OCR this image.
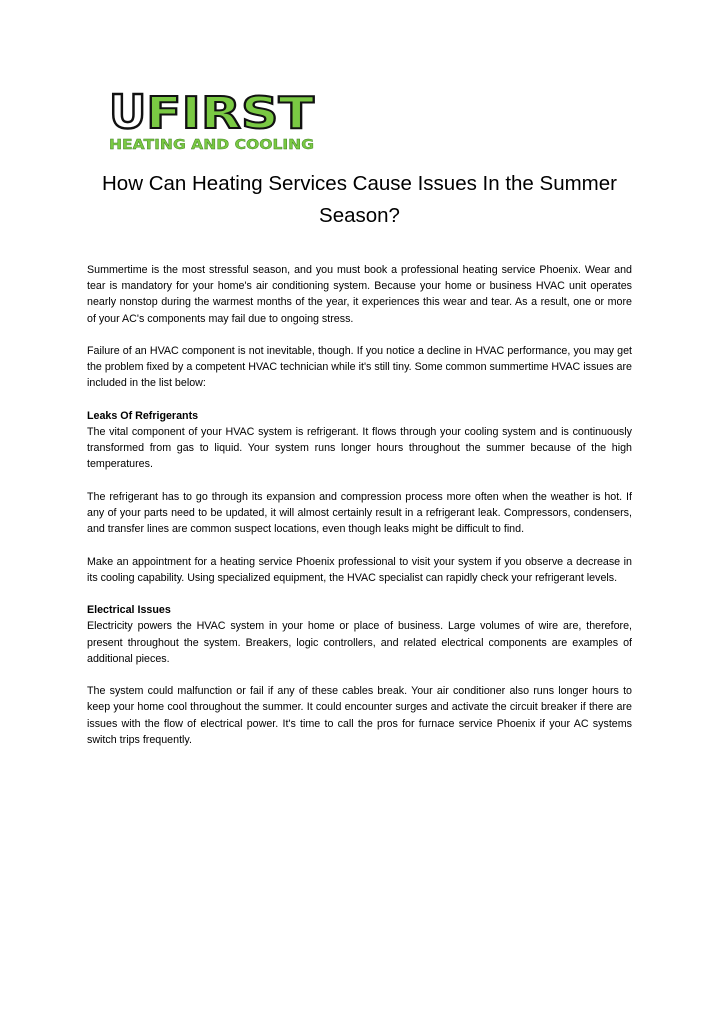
U FIRST
HEATING AND COOLING
How Can Heating Services Cause Issues In the Summer Season?

Summertime is the most stressful season, and you must book a professional heating service Phoenix. Wear and tear is mandatory for your home's air conditioning system. Because your home or business HVAC unit operates nearly nonstop during the warmest months of the year, it experiences this wear and tear. As a result, one or more of your AC's components may fail due to ongoing stress.

Failure of an HVAC component is not inevitable, though. If you notice a decline in HVAC performance, you may get the problem fixed by a competent HVAC technician while it's still tiny. Some common summertime HVAC issues are included in the list below:

Leaks Of Refrigerants

The vital component of your HVAC system is refrigerant. It flows through your cooling system and is continuously transformed from gas to liquid. Your system runs longer hours throughout the summer because of the high temperatures.

The refrigerant has to go through its expansion and compression process more often when the weather is hot. If any of your parts need to be updated, it will almost certainly result in a refrigerant leak. Compressors, condensers, and transfer lines are common suspect locations, even though leaks might be difficult to find.

Make an appointment for a heating service Phoenix professional to visit your system if you observe a decrease in its cooling capability. Using specialized equipment, the HVAC specialist can rapidly check your refrigerant levels.

Electrical Issues

Electricity powers the HVAC system in your home or place of business. Large volumes of wire are, therefore, present throughout the system. Breakers, logic controllers, and related electrical components are examples of additional pieces.

The system could malfunction or fail if any of these cables break. Your air conditioner also runs longer hours to keep your home cool throughout the summer. It could encounter surges and activate the circuit breaker if there are issues with the flow of electrical power. It's time to call the pros for furnace service Phoenix if your AC systems switch trips frequently.
